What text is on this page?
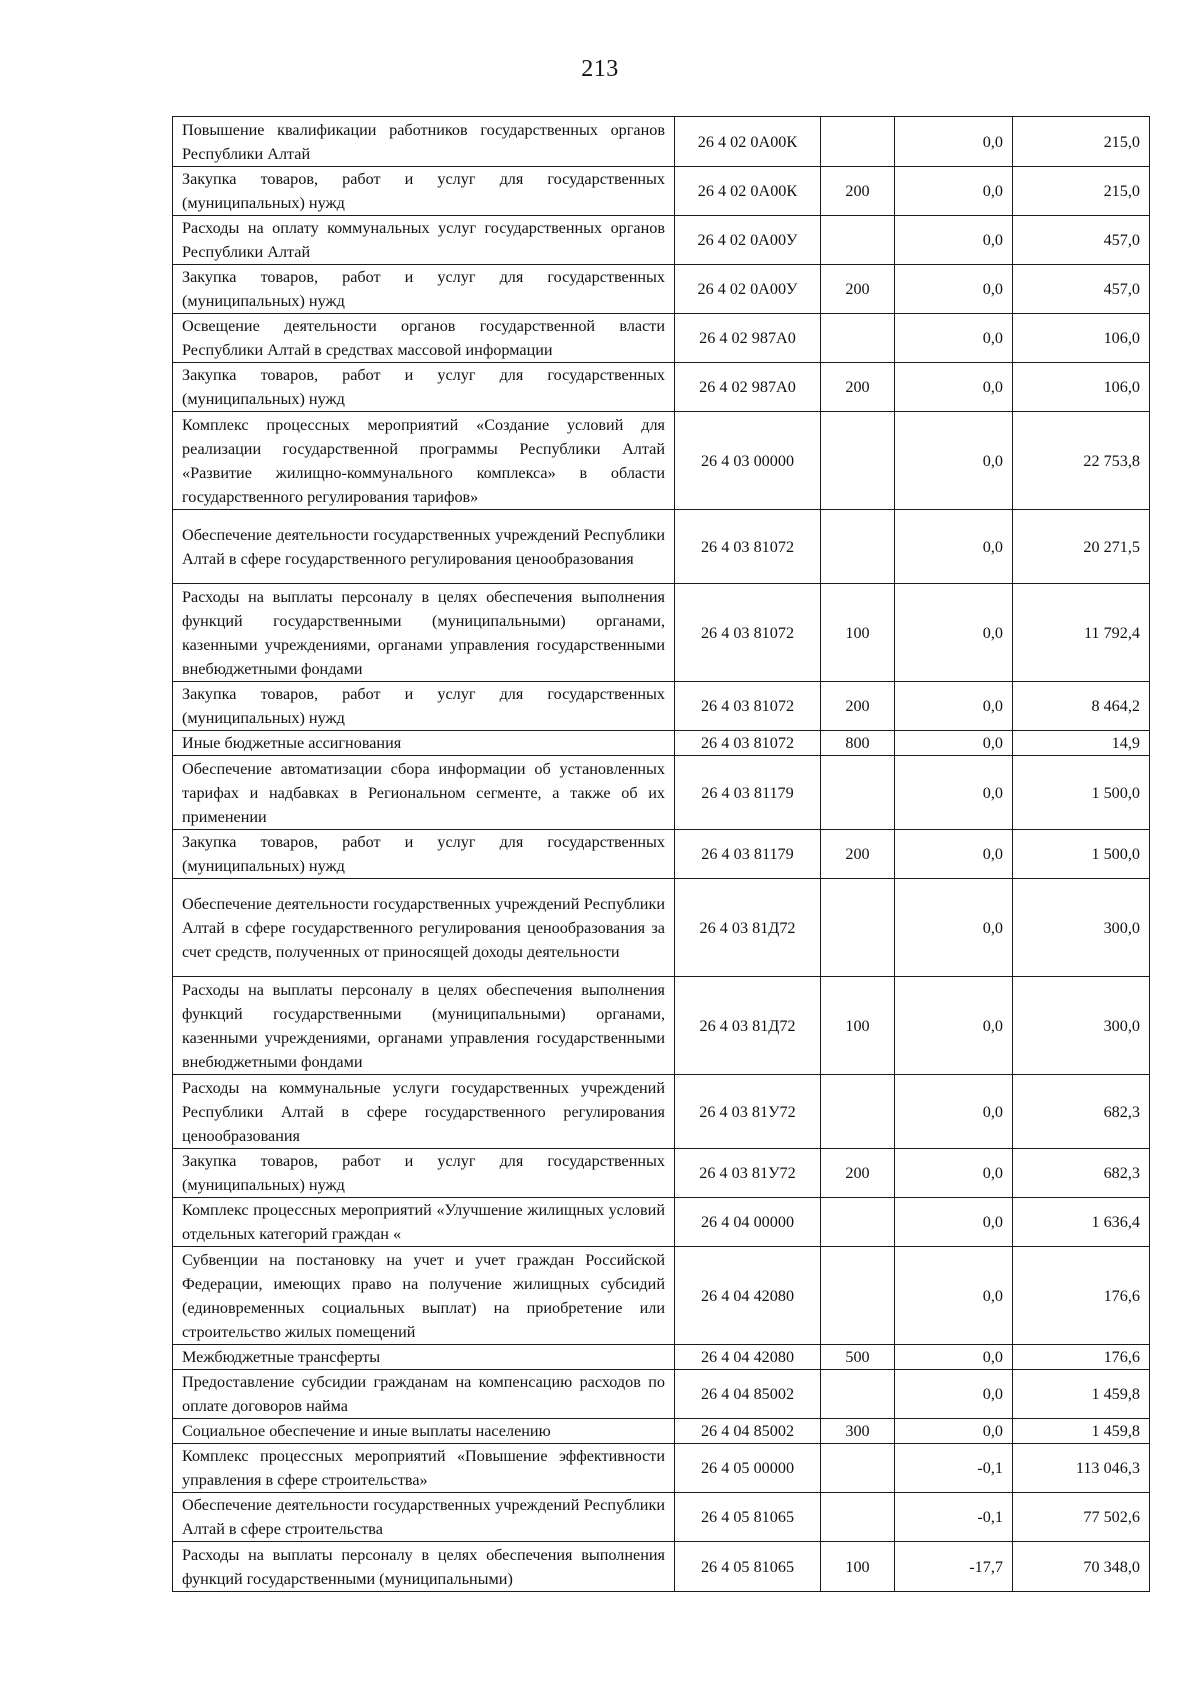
213
Повышение квалификации работников государственных органов Республики Алтай	26 4 02 0А00К		0,0	215,0
Закупка товаров, работ и услуг для государственных (муниципальных) нужд	26 4 02 0А00К	200	0,0	215,0
Расходы на оплату коммунальных услуг государственных органов Республики Алтай	26 4 02 0А00У		0,0	457,0
Закупка товаров, работ и услуг для государственных (муниципальных) нужд	26 4 02 0А00У	200	0,0	457,0
Освещение деятельности органов государственной власти Республики Алтай в средствах массовой информации	26 4 02 987А0		0,0	106,0
Закупка товаров, работ и услуг для государственных (муниципальных) нужд	26 4 02 987А0	200	0,0	106,0
Комплекс процессных мероприятий «Создание условий для реализации государственной программы Республики Алтай «Развитие жилищно-коммунального комплекса» в области государственного регулирования тарифов»	26 4 03 00000		0,0	22 753,8
Обеспечение деятельности государственных учреждений Республики Алтай в сфере государственного регулирования ценообразования	26 4 03 81072		0,0	20 271,5
Расходы на выплаты персоналу в целях обеспечения выполнения функций государственными (муниципальными) органами, казенными учреждениями, органами управления государственными внебюджетными фондами	26 4 03 81072	100	0,0	11 792,4
Закупка товаров, работ и услуг для государственных (муниципальных) нужд	26 4 03 81072	200	0,0	8 464,2
Иные бюджетные ассигнования	26 4 03 81072	800	0,0	14,9
Обеспечение автоматизации сбора информации об установленных тарифах и надбавках в Региональном сегменте, а также об их применении	26 4 03 81179		0,0	1 500,0
Закупка товаров, работ и услуг для государственных (муниципальных) нужд	26 4 03 81179	200	0,0	1 500,0
Обеспечение деятельности государственных учреждений Республики Алтай в сфере государственного регулирования ценообразования за счет средств, полученных от приносящей доходы деятельности	26 4 03 81Д72		0,0	300,0
Расходы на выплаты персоналу в целях обеспечения выполнения функций государственными (муниципальными) органами, казенными учреждениями, органами управления государственными внебюджетными фондами	26 4 03 81Д72	100	0,0	300,0
Расходы на коммунальные услуги государственных учреждений Республики Алтай в сфере государственного регулирования ценообразования	26 4 03 81У72		0,0	682,3
Закупка товаров, работ и услуг для государственных (муниципальных) нужд	26 4 03 81У72	200	0,0	682,3
Комплекс процессных мероприятий «Улучшение жилищных условий отдельных категорий граждан «	26 4 04 00000		0,0	1 636,4
Субвенции на постановку на учет и учет граждан Российской Федерации, имеющих право на получение жилищных субсидий (единовременных социальных выплат) на приобретение или строительство жилых помещений	26 4 04 42080		0,0	176,6
Межбюджетные трансферты	26 4 04 42080	500	0,0	176,6
Предоставление субсидии гражданам на компенсацию расходов по оплате договоров найма	26 4 04 85002		0,0	1 459,8
Социальное обеспечение и иные выплаты населению	26 4 04 85002	300	0,0	1 459,8
Комплекс процессных мероприятий «Повышение эффективности управления в сфере строительства»	26 4 05 00000		-0,1	113 046,3
Обеспечение деятельности государственных учреждений Республики Алтай в сфере строительства	26 4 05 81065		-0,1	77 502,6
Расходы на выплаты персоналу в целях обеспечения выполнения функций государственными (муниципальными)	26 4 05 81065	100	-17,7	70 348,0
